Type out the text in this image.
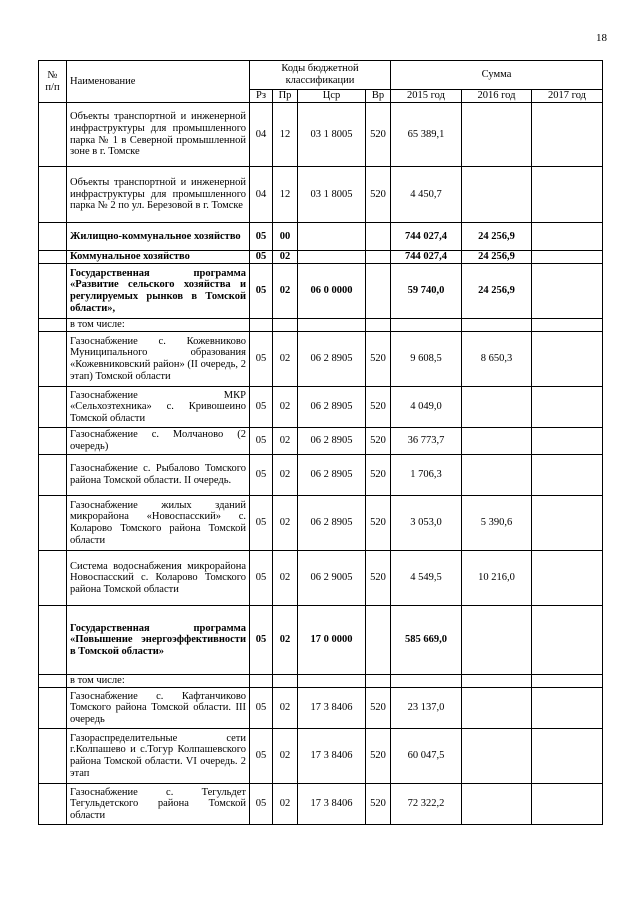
18
№ п/п	Наименование	Коды бюджетной классификации				Сумма		
		Рз	Пр	Цср	Вр	2015 год	2016 год	2017 год
	Объекты транспортной и инженерной инфраструктуры для промышленного парка № 1 в Северной промышленной зоне в г. Томске	04	12	03 1 8005	520	65 389,1		
	Объекты транспортной и инженерной инфраструктуры для промышленного парка № 2 по ул. Березовой в г. Томске	04	12	03 1 8005	520	4 450,7		
	Жилищно-коммунальное хозяйство	05	00			744 027,4	24 256,9	
	Коммунальное хозяйство	05	02			744 027,4	24 256,9	
	Государственная программа «Развитие сельского хозяйства и регулируемых рынков в Томской области»,	05	02	06 0 0000		59 740,0	24 256,9	
	в том числе:							
	Газоснабжение с. Кожевниково Муниципального образования «Кожевниковский район» (II очередь, 2 этап) Томской области	05	02	06 2 8905	520	9 608,5	8 650,3	
	Газоснабжение МКР «Сельхозтехника» с. Кривошеино Томской области	05	02	06 2 8905	520	4 049,0		
	Газоснабжение с. Молчаново (2 очередь)	05	02	06 2 8905	520	36 773,7		
	Газоснабжение с. Рыбалово Томского района Томской области. II очередь.	05	02	06 2 8905	520	1 706,3		
	Газоснабжение жилых зданий микрорайона «Новоспасский» с. Коларово Томского района Томской области	05	02	06 2 8905	520	3 053,0	5 390,6	
	Система водоснабжения микрорайона Новоспасский с. Коларово Томского района Томской области	05	02	06 2 9005	520	4 549,5	10 216,0	
	Государственная программа «Повышение энергоэффективности в Томской области»	05	02	17 0 0000		585 669,0		
	в том числе:							
	Газоснабжение с. Кафтанчиково Томского района Томской области. III очередь	05	02	17 3 8406	520	23 137,0		
	Газораспределительные сети г.Колпашево и с.Тогур Колпашевского района Томской области. VI очередь. 2 этап	05	02	17 3 8406	520	60 047,5		
	Газоснабжение с. Тегульдет Тегульдетского района Томской области	05	02	17 3 8406	520	72 322,2		
